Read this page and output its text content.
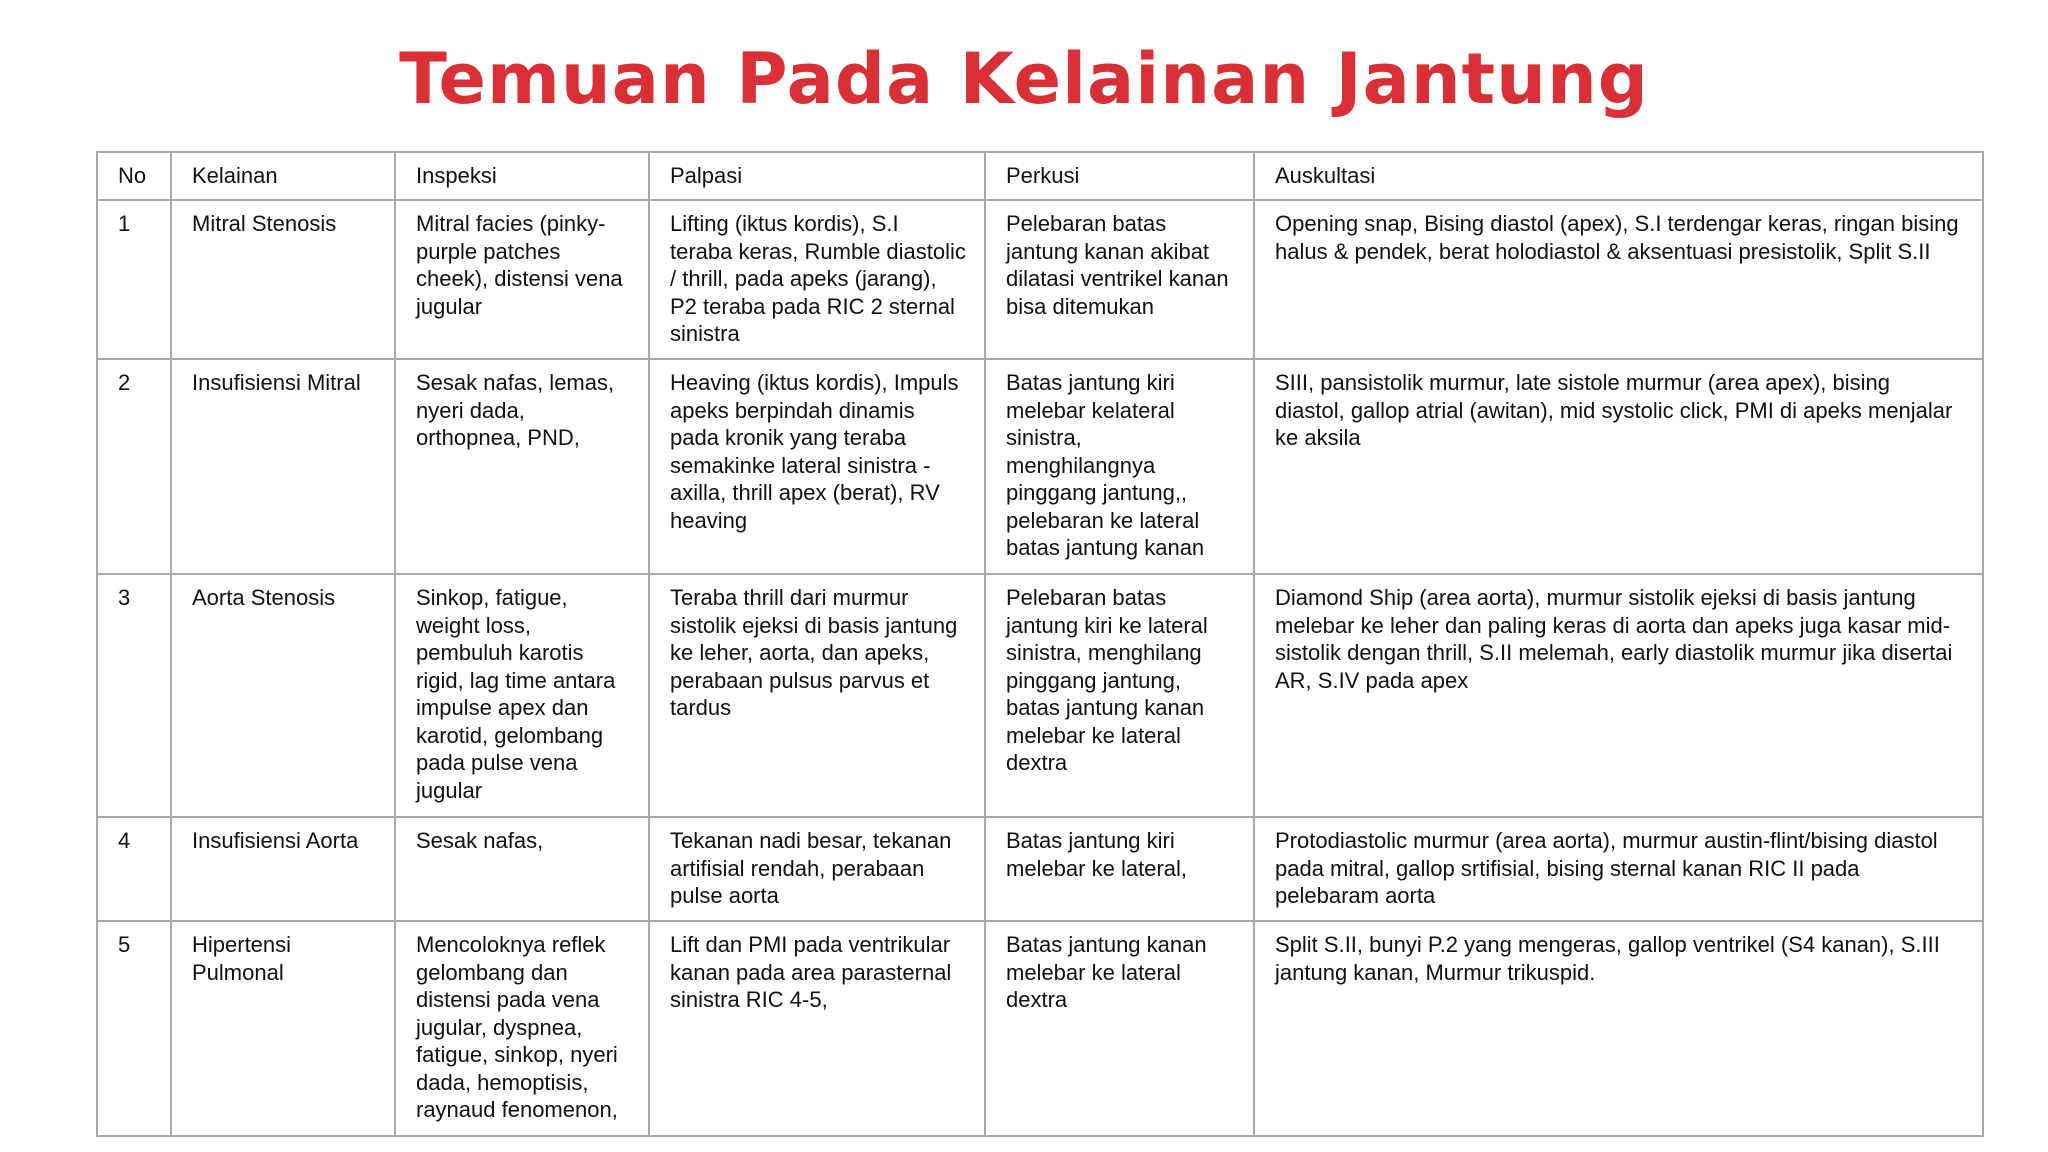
Temuan Pada Kelainan Jantung
No	Kelainan	Inspeksi	Palpasi	Perkusi	Auskultasi
1	Mitral Stenosis	Mitral facies (pinky-purple patches cheek), distensi vena jugular	Lifting (iktus kordis), S.I teraba keras, Rumble diastolic / thrill, pada apeks (jarang), P2 teraba pada RIC 2 sternal sinistra	Pelebaran batas jantung kanan akibat dilatasi ventrikel kanan bisa ditemukan	Opening snap, Bising diastol (apex), S.I terdengar keras, ringan bising halus & pendek, berat holodiastol & aksentuasi presistolik, Split S.II
2	Insufisiensi Mitral	Sesak nafas, lemas, nyeri dada, orthopnea, PND,	Heaving (iktus kordis), Impuls apeks berpindah dinamis pada kronik yang teraba semakinke lateral sinistra -axilla, thrill apex (berat), RV heaving	Batas jantung kiri melebar kelateral sinistra, menghilangnya pinggang jantung,, pelebaran ke lateral batas jantung kanan	SIII, pansistolik murmur, late sistole murmur (area apex), bising diastol, gallop atrial (awitan), mid systolic click, PMI di apeks menjalar ke aksila
3	Aorta Stenosis	Sinkop, fatigue, weight loss, pembuluh karotis rigid, lag time antara impulse apex dan karotid, gelombang pada pulse vena jugular	Teraba thrill dari murmur sistolik ejeksi di basis jantung ke leher, aorta, dan apeks, perabaan pulsus parvus et tardus	Pelebaran batas jantung kiri ke lateral sinistra, menghilang pinggang jantung, batas jantung kanan melebar ke lateral dextra	Diamond Ship (area aorta), murmur sistolik ejeksi di basis jantung melebar ke leher dan paling keras di aorta dan apeks juga kasar mid-sistolik dengan thrill, S.II melemah, early diastolik murmur jika disertai AR, S.IV pada apex
4	Insufisiensi Aorta	Sesak nafas,	Tekanan nadi besar, tekanan artifisial rendah, perabaan pulse aorta	Batas jantung kiri melebar ke lateral,	Protodiastolic murmur (area aorta), murmur austin-flint/bising diastol pada mitral, gallop srtifisial, bising sternal kanan RIC II pada pelebaram aorta
5	Hipertensi Pulmonal	Mencoloknya reflek gelombang dan distensi pada vena jugular, dyspnea, fatigue, sinkop, nyeri dada, hemoptisis, raynaud fenomenon,	Lift dan PMI pada ventrikular kanan pada area parasternal sinistra RIC 4-5,	Batas jantung kanan melebar ke lateral dextra	Split S.II, bunyi P.2 yang mengeras, gallop ventrikel (S4 kanan), S.III jantung kanan, Murmur trikuspid.
